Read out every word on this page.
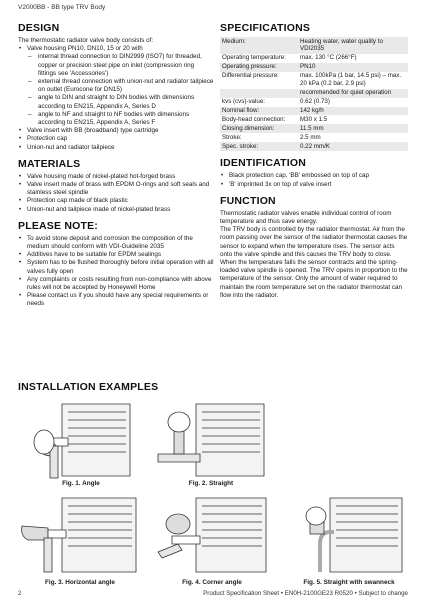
V2000BB - BB type TRV Body
DESIGN

The thermostatic radiator valve body consists of:

• Valve housing PN10, DN10, 15 or 20 with
– internal thread connection to DIN2999 (ISO7) for threaded, copper or precision steel pipe on inlet (compression ring fittings see 'Accessories')
– external thread connection with union-nut and radiator tailpiece on outlet (Eurocone for DN15)
– angle to DIN and straight to DIN bodies with dimensions according to EN215, Appendix A, Series D
– angle to NF and straight to NF bodies with dimensions according to EN215, Appendix A, Series F
• Valve insert with BB (broadband) type cartridge
• Protection cap
• Union-nut and radiator tailpiece
MATERIALS
• Valve housing made of nickel-plated hot-forged brass
• Valve insert made of brass with EPDM O-rings and soft seals and stainless steel spindle
• Protection cap made of black plastic
• Union-nut and tailpiece made of nickel-plated brass
PLEASE NOTE:
• To avoid stone deposit and corrosion the composition of the medium should conform with VDI-Guideline 2035
• Additives have to be suitable for EPDM sealings
• System has to be flushed thoroughly before initial operation with all valves fully open
• Any complaints or costs resulting from non-compliance with above rules will not be accepted by Honeywell Home
• Please contact us if you should have any special requirements or needs
SPECIFICATIONS
Medium:	Heating water, water quality to VDI2035
Operating temperature:	max. 130 °C (266°F)
Operating pressure:	PN10
Differential pressure:	max. 100kPa (1 bar, 14.5 psi) – max. 20 kPa (0.2 bar, 2.9 psi)
	recommended for quiet operation
kvs (cvs)-value:	0.62 (0.73)
Nominal flow:	142 kg/h
Body-head connection:	M30 x 1.5
Closing dimension:	11.5 mm
Stroke:	2.5 mm
Spec. stroke:	0.22 mm/K
IDENTIFICATION
• Black protection cap, 'BB' embossed on top of cap
• 'B' imprinted 3x on top of valve insert
FUNCTION

Thermostatic radiator valves enable individual control of room temperature and thus save energy.

The TRV body is controlled by the radiator thermostat. Air from the room passing over the sensor of the radiator thermostat causes the sensor to expand when the temperature rises. The sensor acts onto the valve spindle and this causes the TRV body to close. When the temperature falls the sensor contracts and the spring-loaded valve spindle is opened. The TRV opens in proportion to the temperature of the sensor. Only the amount of water required to maintain the room temperature set on the radiator thermostat can flow into the radiator.

INSTALLATION EXAMPLES
Fig. 1. Angle	Fig. 2. Straight
Fig. 3. Horizontal angle	Fig. 4. Corner angle	Fig. 5. Straight with swanneck
2	Product Specification Sheet • EN0H-2100GE23 R0520 • Subject to change
